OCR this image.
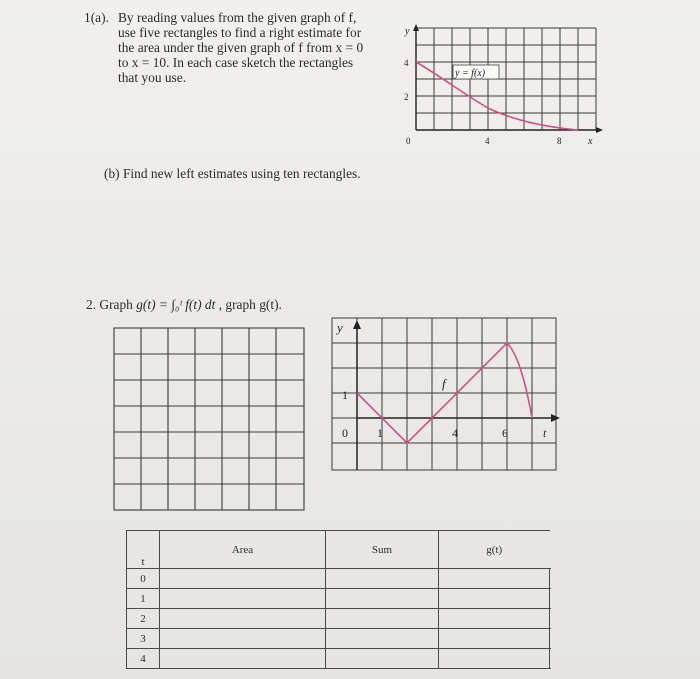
1(a). By reading values from the given graph of f,
use five rectangles to find a right estimate for
the area under the given graph of f from x = 0
to x = 10. In each case sketch the rectangles
that you use.	y = f(x)
y
4
2
0	4	8	x
(b) Find new left estimates using ten rectangles.
2. Graph g(t) = ∫₀ᵗ f(t) dt , graph g(t).
y
1
0 1	4	6	t
f
t	Area	Sum	g(t)	
0				
1				
2				
3				
4				
